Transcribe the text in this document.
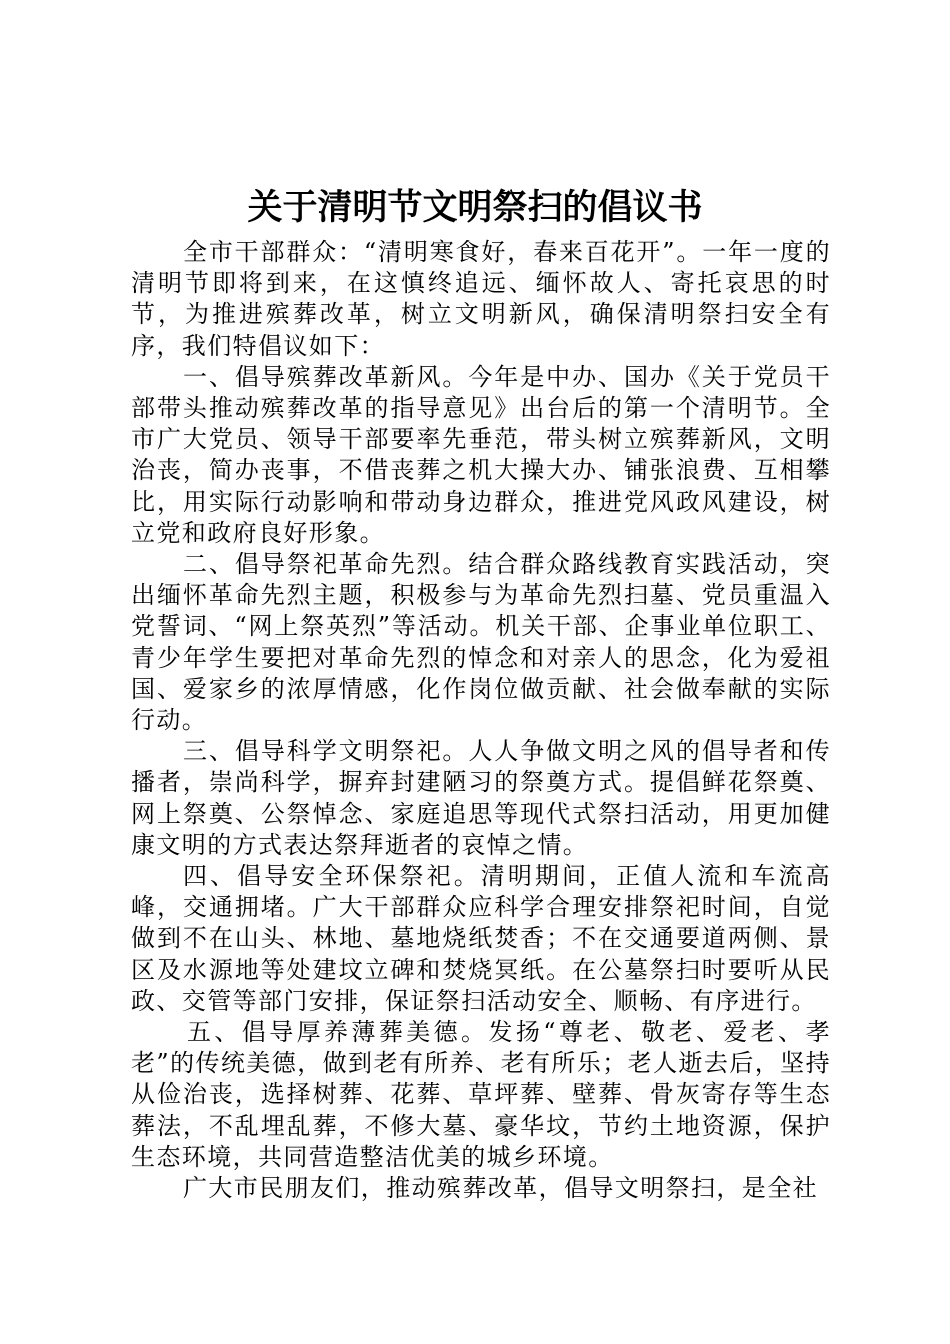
关于清明节文明祭扫的倡议书

全市干部群众：“清明寒食好，春来百花开”。一年一度的清明节即将到来，在这慎终追远、缅怀故人、寄托哀思的时节，为推进殡葬改革，树立文明新风，确保清明祭扫安全有序，我们特倡议如下：

一、倡导殡葬改革新风。今年是中办、国办《关于党员干部带头推动殡葬改革的指导意见》出台后的第一个清明节。全市广大党员、领导干部要率先垂范，带头树立殡葬新风，文明治丧，简办丧事，不借丧葬之机大操大办、铺张浪费、互相攀比，用实际行动影响和带动身边群众，推进党风政风建设，树立党和政府良好形象。

二、倡导祭祀革命先烈。结合群众路线教育实践活动，突出缅怀革命先烈主题，积极参与为革命先烈扫墓、党员重温入党誓词、“网上祭英烈”等活动。机关干部、企事业单位职工、青少年学生要把对革命先烈的悼念和对亲人的思念，化为爱祖国、爱家乡的浓厚情感，化作岗位做贡献、社会做奉献的实际行动。

三、倡导科学文明祭祀。人人争做文明之风的倡导者和传播者，崇尚科学，摒弃封建陋习的祭奠方式。提倡鲜花祭奠、网上祭奠、公祭悼念、家庭追思等现代式祭扫活动，用更加健康文明的方式表达祭拜逝者的哀悼之情。

四、倡导安全环保祭祀。清明期间，正值人流和车流高峰，交通拥堵。广大干部群众应科学合理安排祭祀时间，自觉做到不在山头、林地、墓地烧纸焚香；不在交通要道两侧、景区及水源地等处建坟立碑和焚烧冥纸。在公墓祭扫时要听从民政、交管等部门安排，保证祭扫活动安全、顺畅、有序进行。

五、倡导厚养薄葬美德。发扬“尊老、敬老、爱老、孝老”的传统美德，做到老有所养、老有所乐；老人逝去后，坚持从俭治丧，选择树葬、花葬、草坪葬、壁葬、骨灰寄存等生态葬法，不乱埋乱葬，不修大墓、豪华坟，节约土地资源，保护生态环境，共同营造整洁优美的城乡环境。

广大市民朋友们，推动殡葬改革，倡导文明祭扫，是全社
